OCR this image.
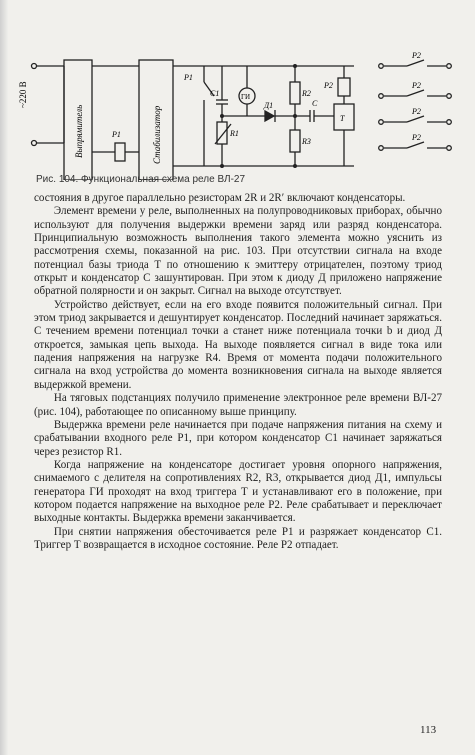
~220 В
Выпрямитель	Стабилизатор
P1
P1
C1	ГИ
R1
Д1
R2
R3
C
T
P2
P2
P2
P2
P2
Рис. 104. Функциональная схема реле ВЛ-27

состояния в другое параллельно резисторам 2R и 2R′ включают конденсаторы.

Элемент времени у реле, выполненных на полупроводниковых приборах, обычно используют для получения выдержки времени заряд или разряд конденсатора. Принципиальную возможность выполнения такого элемента можно уяснить из рассмотрения схемы, показанной на рис. 103. При отсутствии сигнала на входе потенциал базы триода Т по отношению к эмиттеру отрицателен, поэтому триод открыт и конденсатор С зашунтирован. При этом к диоду Д приложено напряжение обратной полярности и он закрыт. Сигнал на выходе отсутствует.

Устройство действует, если на его входе появится положительный сигнал. При этом триод закрывается и дешунтирует конденсатор. Последний начинает заряжаться. С течением времени потенциал точки a станет ниже потенциала точки b и диод Д откроется, замыкая цепь выхода. На выходе появляется сигнал в виде тока или падения напряжения на нагрузке R4. Время от момента подачи положительного сигнала на вход устройства до момента возникновения сигнала на выходе является выдержкой времени.

На тяговых подстанциях получило применение электронное реле времени ВЛ-27 (рис. 104), работающее по описанному выше принципу.

Выдержка времени реле начинается при подаче напряжения питания на схему и срабатывании входного реле Р1, при котором конденсатор С1 начинает заряжаться через резистор R1.

Когда напряжение на конденсаторе достигает уровня опорного напряжения, снимаемого с делителя на сопротивлениях R2, R3, открывается диод Д1, импульсы генератора ГИ проходят на вход триггера Т и устанавливают его в положение, при котором подается напряжение на выходное реле Р2. Реле срабатывает и переключает выходные контакты. Выдержка времени заканчивается.

При снятии напряжения обесточивается реле Р1 и разряжает конденсатор С1. Триггер Т возвращается в исходное состояние. Реле Р2 отпадает.

113
